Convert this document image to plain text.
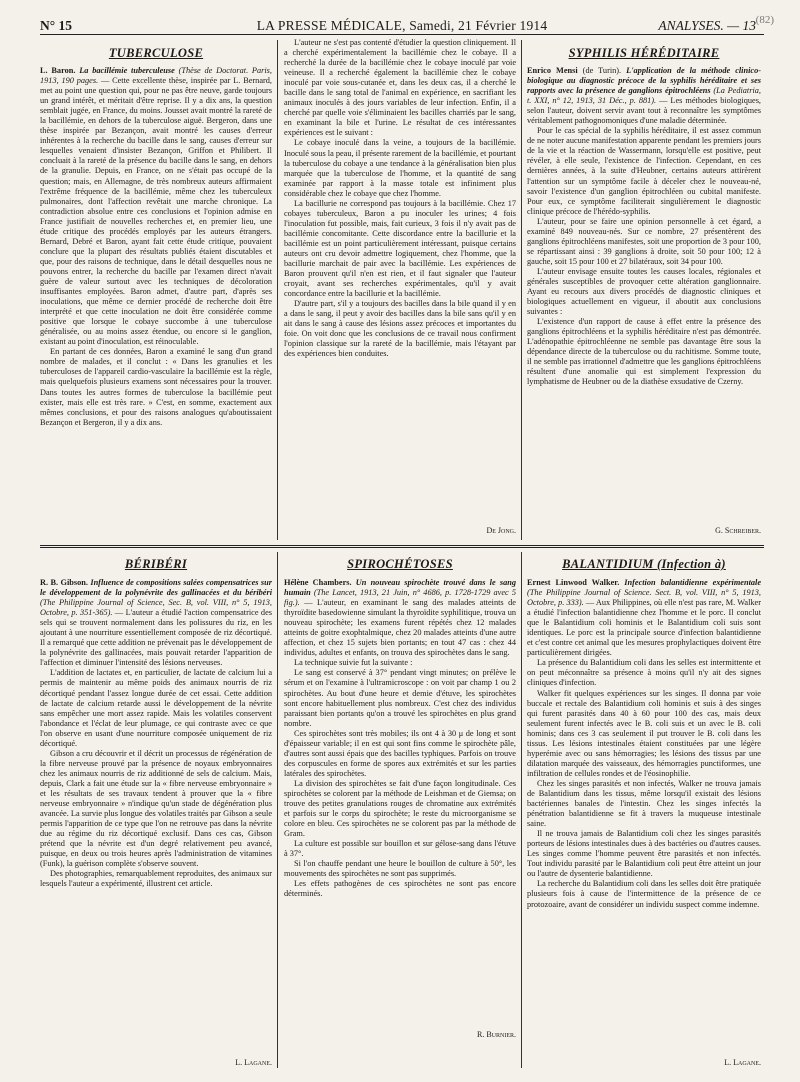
N° 15	LA PRESSE MÉDICALE, Samedi, 21 Février 1914	ANALYSES. — 13 (82)
TUBERCULOSE

L. Baron. La bacillémie tuberculeuse (Thèse de Doctorat. Paris, 1913, 190 pages. — Cette excellente thèse, inspirée par L. Bernard, met au point une question qui, pour ne pas être neuve, garde toujours un grand intérêt, et méritait d'être reprise. Il y a dix ans, la question semblait jugée, en France, du moins. Jousset avait montré la rareté de la bacillémie, en dehors de la tuberculose aiguë. Bergeron, dans une thèse inspirée par Bezançon, avait montré les causes d'erreur inhérentes à la recherche du bacille dans le sang, causes d'erreur sur lesquelles venaient d'insister Bezançon, Griffon et Philibert. Il concluait à la rareté de la présence du bacille dans le sang, en dehors de la granulie. Depuis, en France, on ne s'était pas occupé de la question; mais, en Allemagne, de très nombreux auteurs affirmaient l'extrême fréquence de la bacillémie, même chez les tuberculeux pulmonaires, dont l'affection revêtait une marche chronique. La contradiction absolue entre ces conclusions et l'opinion admise en France justifiait de nouvelles recherches et, en premier lieu, une étude critique des procédés employés par les auteurs étrangers. Bernard, Debré et Baron, ayant fait cette étude critique, pouvaient conclure que la plupart des résultats publiés étaient discutables et que, pour des raisons de technique, dans le détail desquelles nous ne pouvons entrer, la recherche du bacille par l'examen direct n'avait guère de valeur surtout avec les techniques de décoloration insuffisantes employées. Baron admet, d'autre part, d'après ses inoculations, que même ce dernier procédé de recherche doit être interprété et que cette inoculation ne doit être considérée comme positive que lorsque le cobaye succombe à une tuberculose généralisée, ou au moins assez étendue, ou encore si le ganglion, existant au point d'inoculation, est réinoculable.

En partant de ces données, Baron a examiné le sang d'un grand nombre de malades, et il conclut : « Dans les granulies et les tuberculoses de l'appareil cardio-vasculaire la bacillémie est la règle, mais quelquefois plusieurs examens sont nécessaires pour la trouver. Dans toutes les autres formes de tuberculose la bacillémie peut exister, mais elle est très rare. » C'est, en somme, exactement aux mêmes conclusions, et pour des raisons analogues qu'aboutissaient Bezançon et Bergeron, il y a dix ans.

L'auteur ne s'est pas contenté d'étudier la question cliniquement. Il a cherché expérimentalement la bacillémie chez le cobaye. Il a recherché la durée de la bacillémie chez le cobaye inoculé par voie veineuse. Il a recherché également la bacillémie chez le cobaye inoculé par voie sous-cutanée et, dans les deux cas, il a cherché le bacille dans le sang total de l'animal en expérience, en sacrifiant les animaux inoculés à des jours variables de leur infection. Enfin, il a cherché par quelle voie s'éliminaient les bacilles charriés par le sang, en examinant la bile et l'urine. Le résultat de ces intéressantes expériences est le suivant :

Le cobaye inoculé dans la veine, a toujours de la bacillémie. Inoculé sous la peau, il présente rarement de la bacillémie, et pourtant la tuberculose du cobaye a une tendance à la généralisation bien plus marquée que la tuberculose de l'homme, et la quantité de sang examinée par rapport à la masse totale est infiniment plus considérable chez le cobaye que chez l'homme.

La bacillurie ne correspond pas toujours à la bacillémie. Chez 17 cobayes tuberculeux, Baron a pu inoculer les urines; 4 fois l'inoculation fut possible, mais, fait curieux, 3 fois il n'y avait pas de bacillémie concomitante. Cette discordance entre la bacillurie et la bacillémie est un point particulièrement intéressant, puisque certains auteurs ont cru devoir admettre logiquement, chez l'homme, que la bacillurie marchait de pair avec la bacillémie. Les expériences de Baron prouvent qu'il n'en est rien, et il faut signaler que l'auteur croyait, avant ses recherches expérimentales, qu'il y avait concordance entre la bacillurie et la bacillémie.

D'autre part, s'il y a toujours des bacilles dans la bile quand il y en a dans le sang, il peut y avoir des bacilles dans la bile sans qu'il y en ait dans le sang à cause des lésions assez précoces et importantes du foie. On voit donc que les conclusions de ce travail nous confirment l'opinion classique sur la rareté de la bacillémie, mais l'étayant par des expériences bien conduites.

De Jong.
SYPHILIS HÉRÉDITAIRE

Enrico Mensi (de Turin). L'application de la méthode clinico-biologique au diagnostic précoce de la syphilis héréditaire et ses rapports avec la présence de ganglions épitrochléens (La Pediatria, t. XXI, n° 12, 1913, 31 Déc., p. 881). — Les méthodes biologiques, selon l'auteur, doivent servir avant tout à reconnaître les symptômes véritablement pathognomoniques d'une maladie déterminée.

Pour le cas spécial de la syphilis héréditaire, il est assez commun de ne noter aucune manifestation apparente pendant les premiers jours de la vie et la réaction de Wassermann, lorsqu'elle est positive, peut révéler, à elle seule, l'existence de l'infection. Cependant, en ces dernières années, à la suite d'Heubner, certains auteurs attirèrent l'attention sur un symptôme facile à déceler chez le nouveau-né, savoir l'existence d'un ganglion épitrochléen ou cubital manifeste. Pour eux, ce symptôme faciliterait singulièrement le diagnostic clinique précoce de l'hérédo-syphilis.

L'auteur, pour se faire une opinion personnelle à cet égard, a examiné 849 nouveau-nés. Sur ce nombre, 27 présentèrent des ganglions épitrochléens manifestes, soit une proportion de 3 pour 100, se répartissant ainsi : 39 ganglions à droite, soit 50 pour 100; 12 à gauche, soit 15 pour 100 et 27 bilatéraux, soit 34 pour 100.

L'auteur envisage ensuite toutes les causes locales, régionales et générales susceptibles de provoquer cette altération ganglionnaire. Ayant eu recours aux divers procédés de diagnostic cliniques et biologiques actuellement en vigueur, il aboutit aux conclusions suivantes :

L'existence d'un rapport de cause à effet entre la présence des ganglions épitrochléens et la syphilis héréditaire n'est pas démontrée. L'adénopathie épitrochléenne ne semble pas davantage être sous la dépendance directe de la tuberculose ou du rachitisme. Somme toute, il ne semble pas irrationnel d'admettre que les ganglions épitrochléens résultent d'une anomalie qui est simplement l'expression du lymphatisme de Heubner ou de la diathèse exsudative de Czerny.

G. Schreiber.
BÉRIBÉRI

R. B. Gibson. Influence de compositions salées compensatrices sur le développement de la polynévrite des gallinacées et du béribéri (The Philippine Journal of Science, Sec. B, vol. VIII, n° 5, 1913, Octobre, p. 351-365). — L'auteur a étudié l'action compensatrice des sels qui se trouvent normalement dans les polissures du riz, en les ajoutant à une nourriture essentiellement composée de riz décortiqué. Il a remarqué que cette addition ne prévenait pas le développement de la polynévrite des gallinacées, mais pouvait retarder l'apparition de l'affection et diminuer l'intensité des lésions nerveuses.

L'addition de lactates et, en particulier, de lactate de calcium lui a permis de maintenir au même poids des animaux nourris de riz décortiqué pendant l'assez longue durée de cet essai. Cette addition de lactate de calcium retarde aussi le développement de la névrite sans empêcher une mort assez rapide. Mais les volatiles conservent l'abondance et l'éclat de leur plumage, ce qui contraste avec ce que l'on observe en usant d'une nourriture composée uniquement de riz décortiqué.

Gibson a cru découvrir et il décrit un processus de régénération de la fibre nerveuse prouvé par la présence de noyaux embryonnaires chez les animaux nourris de riz additionné de sels de calcium. Mais, depuis, Clark a fait une étude sur la « fibre nerveuse embryonnaire » et les résultats de ses travaux tendent à prouver que la « fibre nerveuse embryonnaire » n'indique qu'un stade de dégénération plus avancée. La survie plus longue des volatiles traités par Gibson a seule permis l'apparition de ce type que l'on ne retrouve pas dans la névrite due au régime du riz décortiqué exclusif. Dans ces cas, Gibson prétend que la névrite est d'un degré relativement peu avancé, puisque, en deux ou trois heures après l'administration de vitamines (Funk), la guérison complète s'observe souvent.

Des photographies, remarquablement reproduites, des animaux sur lesquels l'auteur a expérimenté, illustrent cet article.

L. Lagane.
SPIROCHÉTOSES

Hélène Chambers. Un nouveau spirochète trouvé dans le sang humain (The Lancet, 1913, 21 Juin, n° 4686, p. 1728-1729 avec 5 fig.). — L'auteur, en examinant le sang des malades atteints de thyroïdite basedowienne simulant la thyroïdite syphilitique, trouva un nouveau spirochète; les examens furent répétés chez 12 malades atteints de goitre exophtalmique, chez 20 malades atteints d'une autre affection, et chez 15 sujets bien portants; en tout 47 cas : chez 44 individus, adultes et enfants, on trouva des spirochètes dans le sang.

La technique suivie fut la suivante :

Le sang est conservé à 37° pendant vingt minutes; on prélève le sérum et on l'examine à l'ultramicroscope : on voit par champ 1 ou 2 spirochètes. Au bout d'une heure et demie d'étuve, les spirochètes sont encore habituellement plus nombreux. C'est chez des individus paraissant bien portants qu'on a trouvé les spirochètes en plus grand nombre.

Ces spirochètes sont très mobiles; ils ont 4 à 30 μ de long et sont d'épaisseur variable; il en est qui sont fins comme le spirochète pâle, d'autres sont aussi épais que des bacilles typhiques. Parfois on trouve des corpuscules en forme de spores aux extrémités et sur les parties latérales des spirochètes.

La division des spirochètes se fait d'une façon longitudinale. Ces spirochètes se colorent par la méthode de Leishman et de Giemsa; on trouve des petites granulations rouges de chromatine aux extrémités et parfois sur le corps du spirochète; le reste du microorganisme se colore en bleu. Ces spirochètes ne se colorent pas par la méthode de Gram.

La culture est possible sur bouillon et sur gélose-sang dans l'étuve à 37°.

Si l'on chauffe pendant une heure le bouillon de culture à 50°, les mouvements des spirochètes ne sont pas supprimés.

Les effets pathogènes de ces spirochètes ne sont pas encore déterminés.

R. Burnier.
BALANTIDIUM (Infection à)

Ernest Linwood Walker. Infection balantidienne expérimentale (The Philippine Journal of Science. Sect. B, vol. VIII, n° 5, 1913, Octobre, p. 333). — Aux Philippines, où elle n'est pas rare, M. Walker a étudié l'infection balantidienne chez l'homme et le porc. Il conclut que le Balantidium coli hominis et le Balantidium coli suis sont identiques. Le porc est la principale source d'infection balantidienne et c'est contre cet animal que les mesures prophylactiques doivent être particulièrement dirigées.

La présence du Balantidium coli dans les selles est intermittente et on peut méconnaître sa présence à moins qu'il n'y ait des signes cliniques d'infection.

Walker fit quelques expériences sur les singes. Il donna par voie buccale et rectale des Balantidium coli hominis et suis à des singes qui furent parasités dans 40 à 60 pour 100 des cas, mais deux seulement furent infectés avec le B. coli suis et un avec le B. coli hominis; dans ces 3 cas seulement il put trouver le B. coli dans les tissus. Les lésions intestinales étaient constituées par une légère hyperémie avec ou sans hémorragies; les lésions des tissus par une dilatation marquée des vaisseaux, des hémorragies punctiformes, une infiltration de cellules rondes et de l'éosinophilie.

Chez les singes parasités et non infectés, Walker ne trouva jamais de Balantidium dans les tissus, même lorsqu'il existait des lésions bactériennes banales de l'intestin. Chez les singes infectés la pénétration balantidienne se fit à travers la muqueuse intestinale saine.

Il ne trouva jamais de Balantidium coli chez les singes parasités porteurs de lésions intestinales dues à des bactéries ou d'autres causes. Les singes comme l'homme peuvent être parasités et non infectés. Tout individu parasité par le Balantidium coli peut être atteint un jour ou l'autre de dysenterie balantidienne.

La recherche du Balantidium coli dans les selles doit être pratiquée plusieurs fois à cause de l'intermittence de la présence de ce protozoaire, avant de considérer un individu suspect comme indemne.

L. Lagane.
